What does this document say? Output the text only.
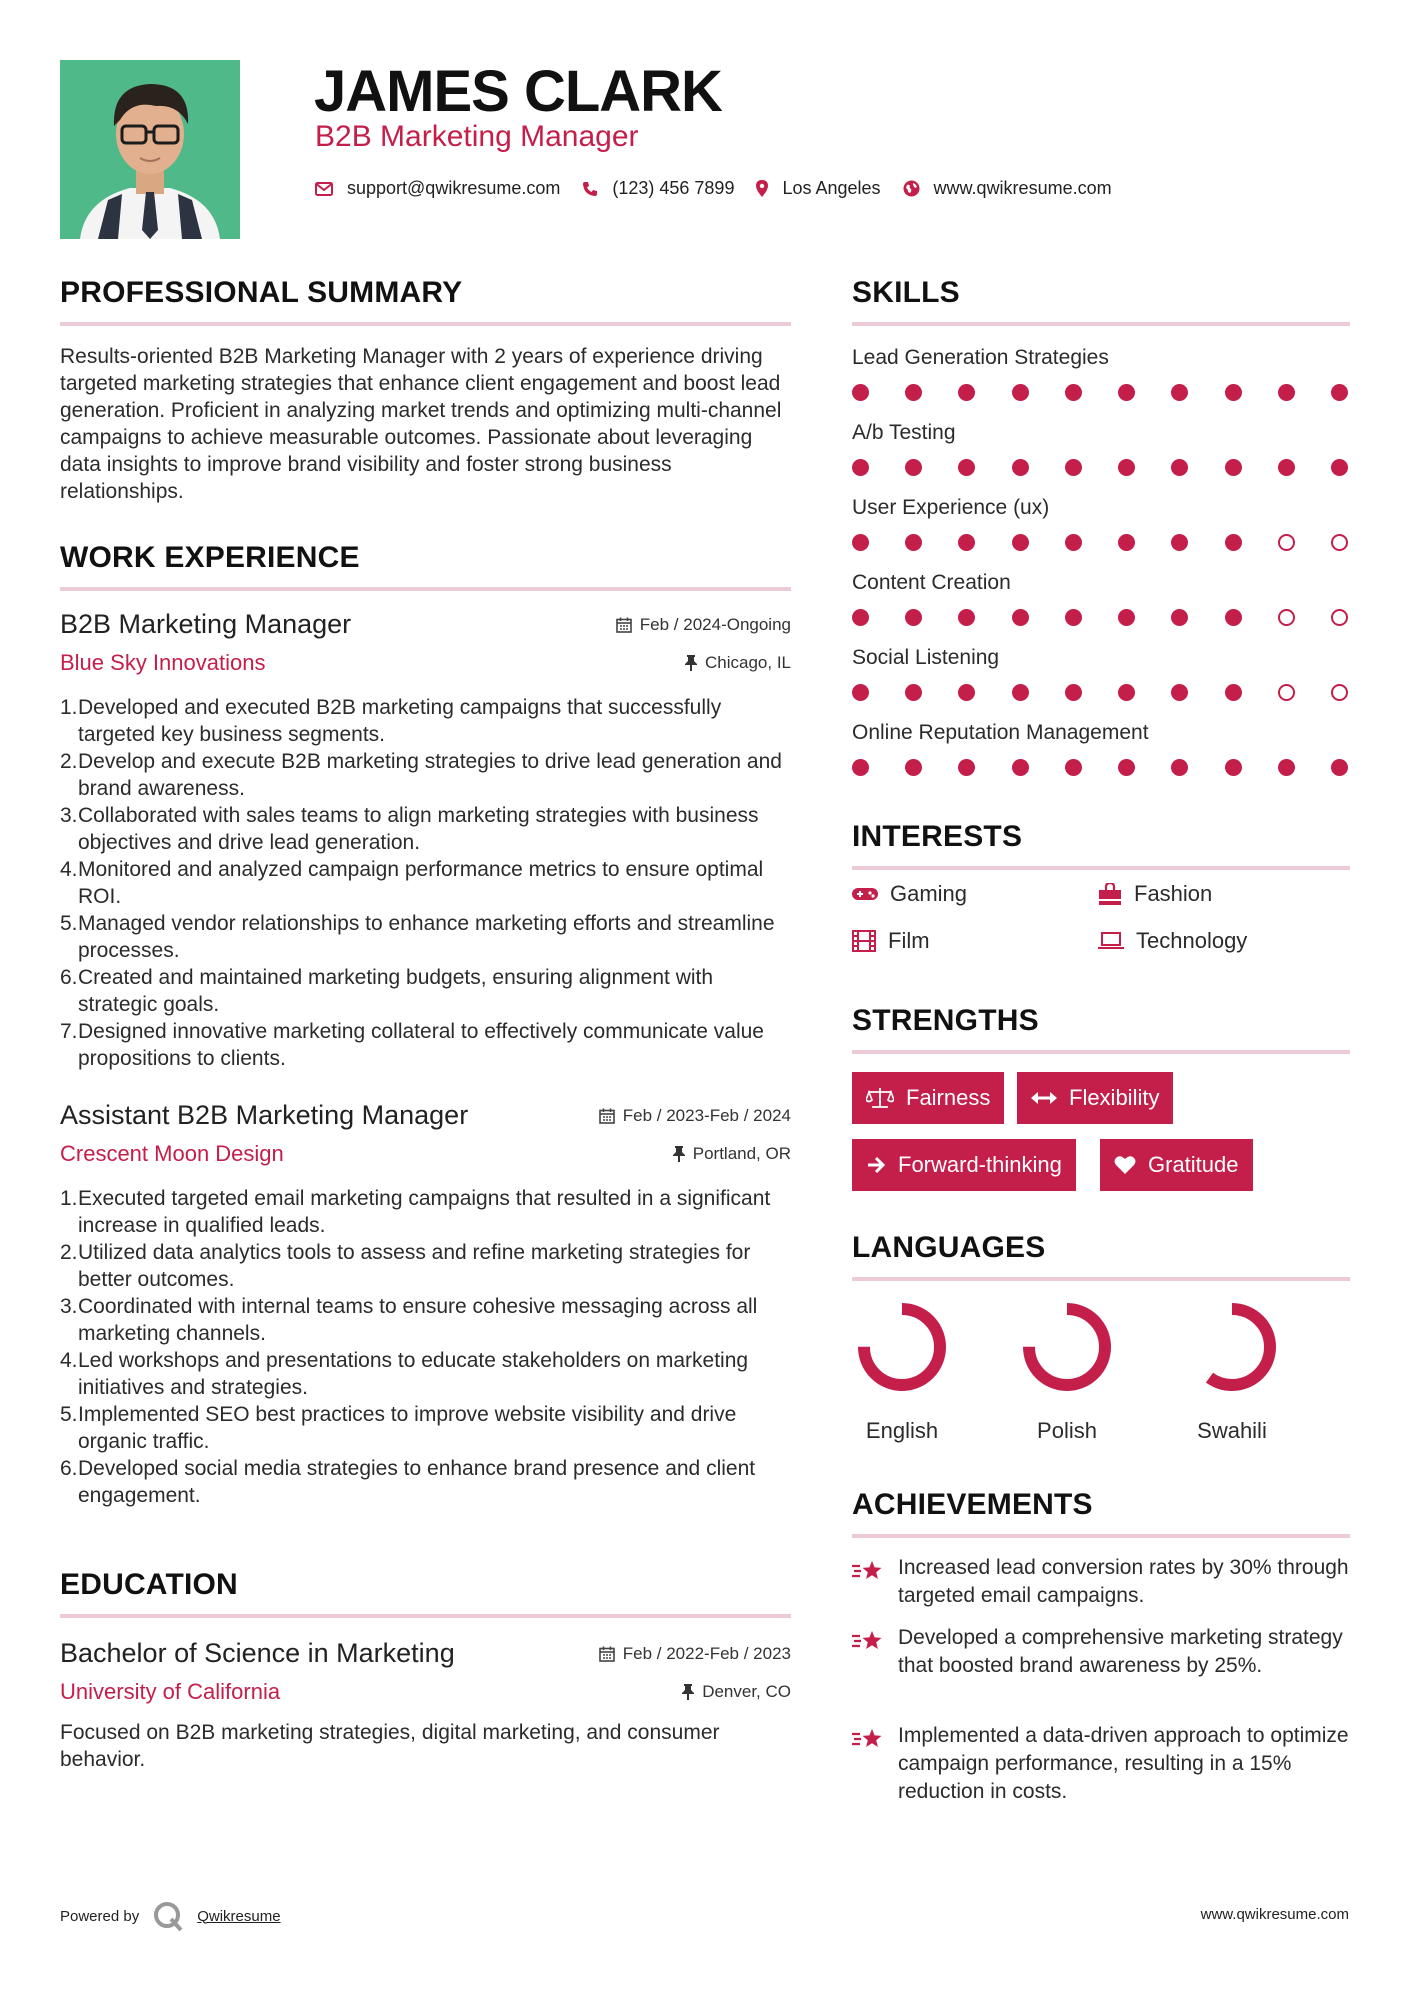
JAMES CLARK
B2B Marketing Manager
support@qwikresume.com	(123) 456 7899	Los Angeles	www.qwikresume.com
PROFESSIONAL SUMMARY
Results-oriented B2B Marketing Manager with 2 years of experience driving targeted marketing strategies that enhance client engagement and boost lead generation. Proficient in analyzing market trends and optimizing multi-channel campaigns to achieve measurable outcomes. Passionate about leveraging data insights to improve brand visibility and foster strong business relationships.
WORK EXPERIENCE
B2B Marketing Manager	Feb / 2024-Ongoing
Blue Sky Innovations	Chicago, IL
1. Developed and executed B2B marketing campaigns that successfully targeted key business segments.
2. Develop and execute B2B marketing strategies to drive lead generation and brand awareness.
3. Collaborated with sales teams to align marketing strategies with business objectives and drive lead generation.
4. Monitored and analyzed campaign performance metrics to ensure optimal ROI.
5. Managed vendor relationships to enhance marketing efforts and streamline processes.
6. Created and maintained marketing budgets, ensuring alignment with strategic goals.
7. Designed innovative marketing collateral to effectively communicate value propositions to clients.
Assistant B2B Marketing Manager	Feb / 2023-Feb / 2024
Crescent Moon Design	Portland, OR
1. Executed targeted email marketing campaigns that resulted in a significant increase in qualified leads.
2. Utilized data analytics tools to assess and refine marketing strategies for better outcomes.
3. Coordinated with internal teams to ensure cohesive messaging across all marketing channels.
4. Led workshops and presentations to educate stakeholders on marketing initiatives and strategies.
5. Implemented SEO best practices to improve website visibility and drive organic traffic.
6. Developed social media strategies to enhance brand presence and client engagement.
EDUCATION
Bachelor of Science in Marketing	Feb / 2022-Feb / 2023
University of California	Denver, CO
Focused on B2B marketing strategies, digital marketing, and consumer behavior.
SKILLS
Lead Generation Strategies
A/b Testing
User Experience (ux)
Content Creation
Social Listening
Online Reputation Management
INTERESTS
Gaming	Fashion
Film	Technology
STRENGTHS
Fairness	Flexibility
Forward-thinking	Gratitude
LANGUAGES
English	Polish	Swahili
ACHIEVEMENTS
Increased lead conversion rates by 30% through targeted email campaigns.
Developed a comprehensive marketing strategy that boosted brand awareness by 25%.
Implemented a data-driven approach to optimize campaign performance, resulting in a 15% reduction in costs.
Powered by	Qwikresume	www.qwikresume.com
